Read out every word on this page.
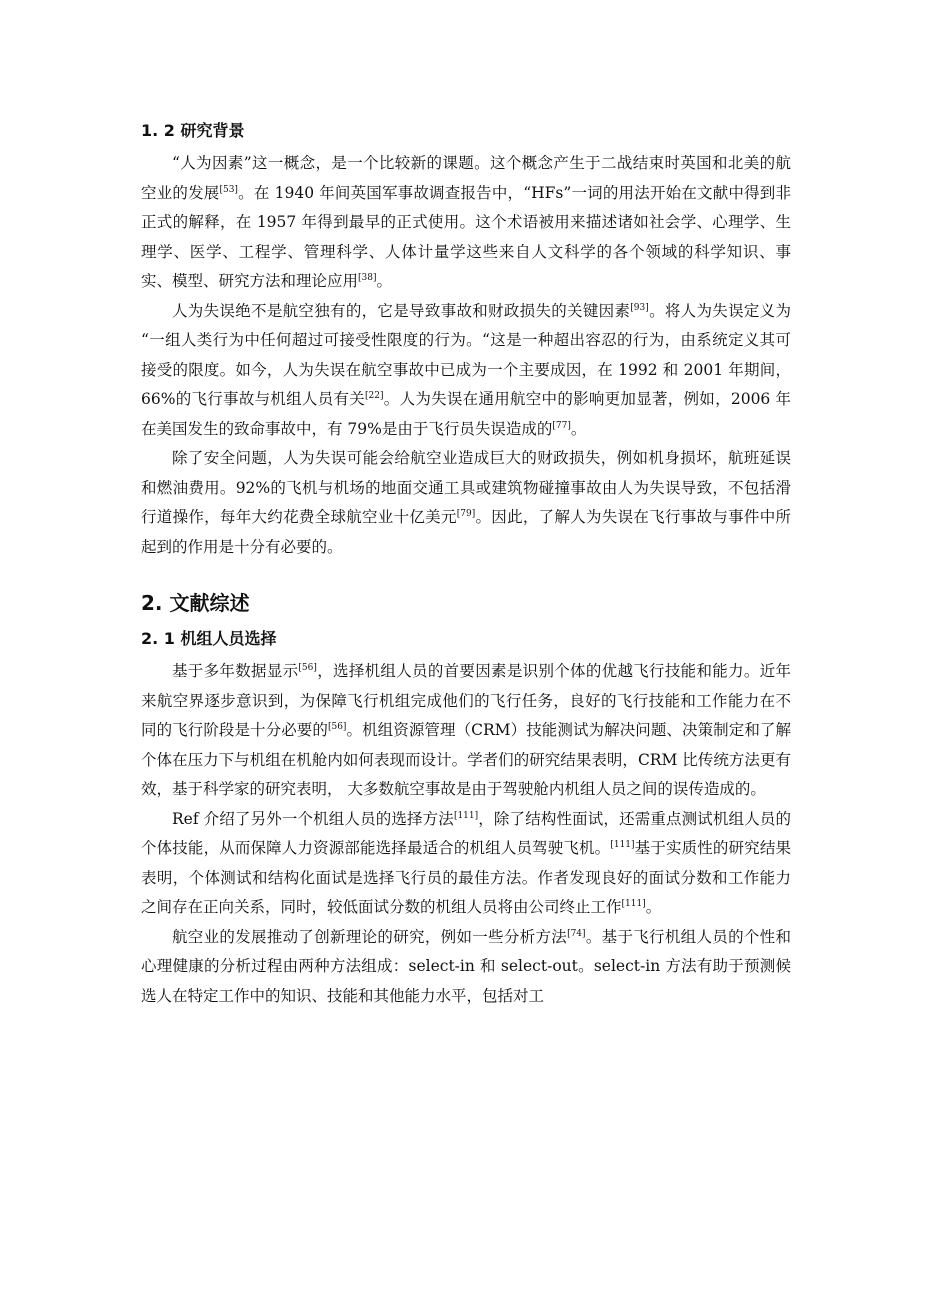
1. 2 研究背景

“人为因素”这一概念，是一个比较新的课题。这个概念产生于二战结束时英国和北美的航空业的发展[53]。在 1940 年间英国军事故调查报告中，“HFs”一词的用法开始在文献中得到非正式的解释，在 1957 年得到最早的正式使用。这个术语被用来描述诸如社会学、心理学、生理学、医学、工程学、管理科学、人体计量学这些来自人文科学的各个领域的科学知识、事实、模型、研究方法和理论应用[38]。

人为失误绝不是航空独有的，它是导致事故和财政损失的关键因素[93]。将人为失误定义为 “一组人类行为中任何超过可接受性限度的行为。“这是一种超出容忍的行为，由系统定义其可接受的限度。如今，人为失误在航空事故中已成为一个主要成因，在 1992 和 2001 年期间，66%的飞行事故与机组人员有关[22]。人为失误在通用航空中的影响更加显著，例如，2006 年在美国发生的致命事故中，有 79%是由于飞行员失误造成的[77]。

除了安全问题，人为失误可能会给航空业造成巨大的财政损失，例如机身损坏，航班延误和燃油费用。92%的飞机与机场的地面交通工具或建筑物碰撞事故由人为失误导致，不包括滑行道操作，每年大约花费全球航空业十亿美元[79]。因此，了解人为失误在飞行事故与事件中所起到的作用是十分有必要的。

2. 文献综述
2. 1 机组人员选择

基于多年数据显示[56]，选择机组人员的首要因素是识别个体的优越飞行技能和能力。近年来航空界逐步意识到，为保障飞行机组完成他们的飞行任务，良好的飞行技能和工作能力在不同的飞行阶段是十分必要的[56]。机组资源管理（CRM）技能测试为解决问题、决策制定和了解个体在压力下与机组在机舱内如何表现而设计。学者们的研究结果表明，CRM 比传统方法更有效，基于科学家的研究表明， 大多数航空事故是由于驾驶舱内机组人员之间的误传造成的。

Ref 介绍了另外一个机组人员的选择方法[111]，除了结构性面试，还需重点测试机组人员的个体技能，从而保障人力资源部能选择最适合的机组人员驾驶飞机。[111]基于实质性的研究结果表明，个体测试和结构化面试是选择飞行员的最佳方法。作者发现良好的面试分数和工作能力之间存在正向关系，同时，较低面试分数的机组人员将由公司终止工作[111]。

航空业的发展推动了创新理论的研究，例如一些分析方法[74]。基于飞行机组人员的个性和心理健康的分析过程由两种方法组成：select-in 和 select-out。select-in 方法有助于预测候选人在特定工作中的知识、技能和其他能力水平，包括对工
